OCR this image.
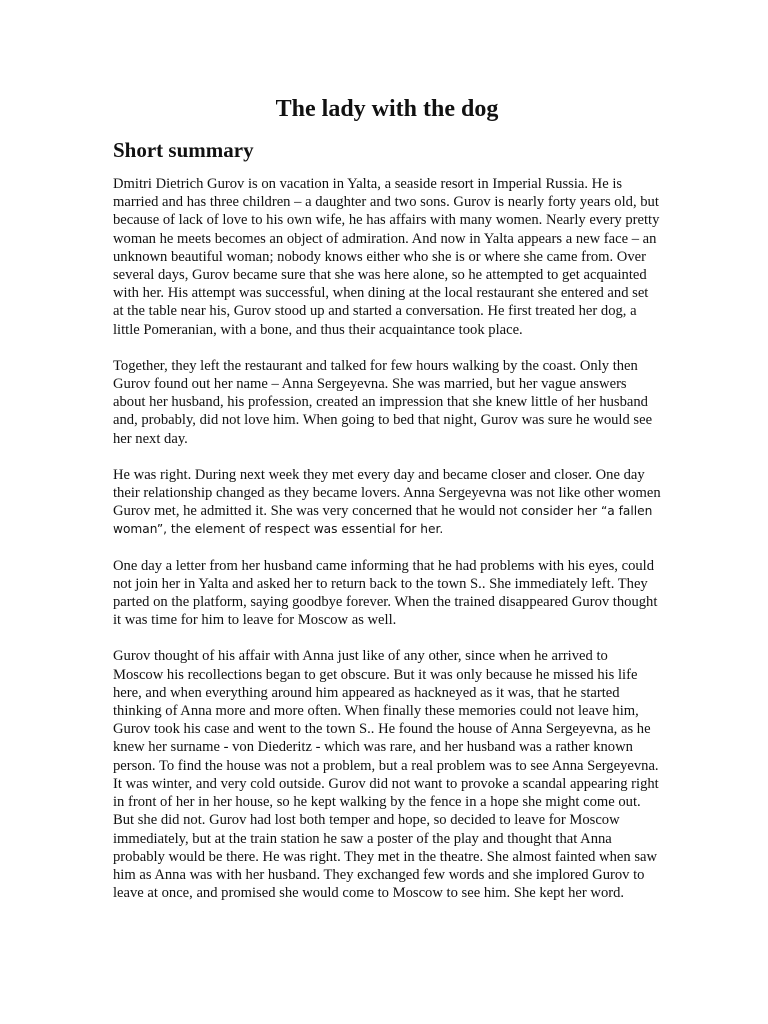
The lady with the dog
Short summary

Dmitri Dietrich Gurov is on vacation in Yalta, a seaside resort in Imperial Russia. He is married and has three children – a daughter and two sons. Gurov is nearly forty years old, but because of lack of love to his own wife, he has affairs with many women. Nearly every pretty woman he meets becomes an object of admiration. And now in Yalta appears a new face – an unknown beautiful woman; nobody knows either who she is or where she came from. Over several days, Gurov became sure that she was here alone, so he attempted to get acquainted with her. His attempt was successful, when dining at the local restaurant she entered and set at the table near his, Gurov stood up and started a conversation. He first treated her dog, a little Pomeranian, with a bone, and thus their acquaintance took place.

Together, they left the restaurant and talked for few hours walking by the coast. Only then Gurov found out her name – Anna Sergeyevna. She was married, but her vague answers about her husband, his profession, created an impression that she knew little of her husband and, probably, did not love him. When going to bed that night, Gurov was sure he would see her next day.

He was right. During next week they met every day and became closer and closer. One day their relationship changed as they became lovers. Anna Sergeyevna was not like other women Gurov met, he admitted it. She was very concerned that he would not consider her “a fallen woman”, the element of respect was essential for her.

One day a letter from her husband came informing that he had problems with his eyes, could not join her in Yalta and asked her to return back to the town S.. She immediately left. They parted on the platform, saying goodbye forever. When the trained disappeared Gurov thought it was time for him to leave for Moscow as well.

Gurov thought of his affair with Anna just like of any other, since when he arrived to Moscow his recollections began to get obscure. But it was only because he missed his life here, and when everything around him appeared as hackneyed as it was, that he started thinking of Anna more and more often. When finally these memories could not leave him, Gurov took his case and went to the town S.. He found the house of Anna Sergeyevna, as he knew her surname - von Diederitz - which was rare, and her husband was a rather known person. To find the house was not a problem, but a real problem was to see Anna Sergeyevna. It was winter, and very cold outside. Gurov did not want to provoke a scandal appearing right in front of her in her house, so he kept walking by the fence in a hope she might come out. But she did not. Gurov had lost both temper and hope, so decided to leave for Moscow immediately, but at the train station he saw a poster of the play and thought that Anna probably would be there. He was right. They met in the theatre. She almost fainted when saw him as Anna was with her husband. They exchanged few words and she implored Gurov to leave at once, and promised she would come to Moscow to see him. She kept her word.
